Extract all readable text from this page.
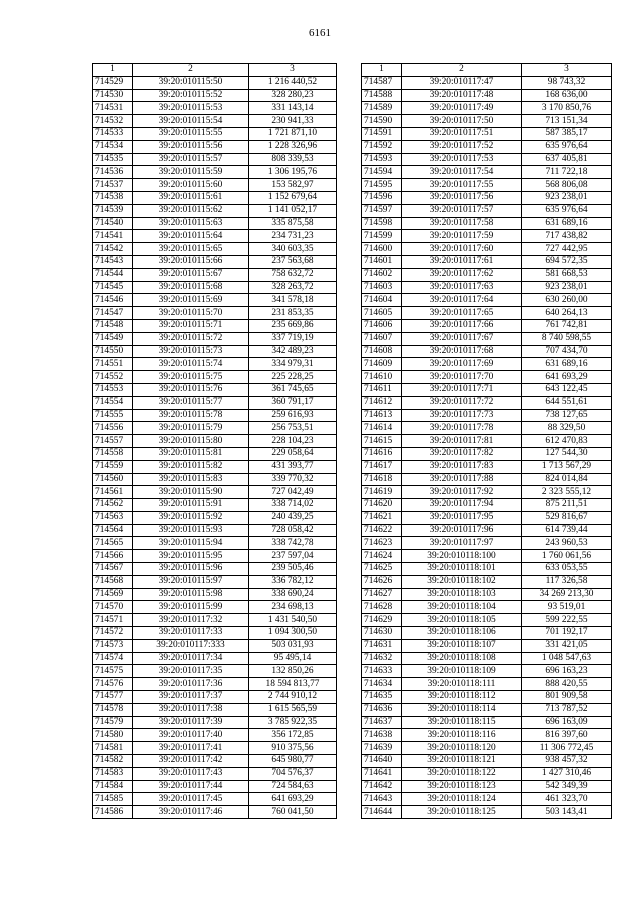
6161
1	2	3
714529	39:20:010115:50	1 216 440,52
714530	39:20:010115:52	328 280,23
714531	39:20:010115:53	331 143,14
714532	39:20:010115:54	230 941,33
714533	39:20:010115:55	1 721 871,10
714534	39:20:010115:56	1 228 326,96
714535	39:20:010115:57	808 339,53
714536	39:20:010115:59	1 306 195,76
714537	39:20:010115:60	153 582,97
714538	39:20:010115:61	1 152 679,64
714539	39:20:010115:62	1 141 052,17
714540	39:20:010115:63	335 875,58
714541	39:20:010115:64	234 731,23
714542	39:20:010115:65	340 603,35
714543	39:20:010115:66	237 563,68
714544	39:20:010115:67	758 632,72
714545	39:20:010115:68	328 263,72
714546	39:20:010115:69	341 578,18
714547	39:20:010115:70	231 853,35
714548	39:20:010115:71	235 669,86
714549	39:20:010115:72	337 719,19
714550	39:20:010115:73	342 489,23
714551	39:20:010115:74	334 979,31
714552	39:20:010115:75	225 228,25
714553	39:20:010115:76	361 745,65
714554	39:20:010115:77	360 791,17
714555	39:20:010115:78	259 616,93
714556	39:20:010115:79	256 753,51
714557	39:20:010115:80	228 104,23
714558	39:20:010115:81	229 058,64
714559	39:20:010115:82	431 393,77
714560	39:20:010115:83	339 770,32
714561	39:20:010115:90	727 042,49
714562	39:20:010115:91	338 714,02
714563	39:20:010115:92	240 439,25
714564	39:20:010115:93	728 058,42
714565	39:20:010115:94	338 742,78
714566	39:20:010115:95	237 597,04
714567	39:20:010115:96	239 505,46
714568	39:20:010115:97	336 782,12
714569	39:20:010115:98	338 690,24
714570	39:20:010115:99	234 698,13
714571	39:20:010117:32	1 431 540,50
714572	39:20:010117:33	1 094 300,50
714573	39:20:010117:333	503 031,93
714574	39:20:010117:34	95 495,14
714575	39:20:010117:35	132 850,26
714576	39:20:010117:36	18 594 813,77
714577	39:20:010117:37	2 744 910,12
714578	39:20:010117:38	1 615 565,59
714579	39:20:010117:39	3 785 922,35
714580	39:20:010117:40	356 172,85
714581	39:20:010117:41	910 375,56
714582	39:20:010117:42	645 980,77
714583	39:20:010117:43	704 576,37
714584	39:20:010117:44	724 584,63
714585	39:20:010117:45	641 693,29
714586	39:20:010117:46	760 041,50
1	2	3
714587	39:20:010117:47	98 743,32
714588	39:20:010117:48	168 636,00
714589	39:20:010117:49	3 170 850,76
714590	39:20:010117:50	713 151,34
714591	39:20:010117:51	587 385,17
714592	39:20:010117:52	635 976,64
714593	39:20:010117:53	637 405,81
714594	39:20:010117:54	711 722,18
714595	39:20:010117:55	568 806,08
714596	39:20:010117:56	923 238,01
714597	39:20:010117:57	635 976,64
714598	39:20:010117:58	631 689,16
714599	39:20:010117:59	717 438,82
714600	39:20:010117:60	727 442,95
714601	39:20:010117:61	694 572,35
714602	39:20:010117:62	581 668,53
714603	39:20:010117:63	923 238,01
714604	39:20:010117:64	630 260,00
714605	39:20:010117:65	640 264,13
714606	39:20:010117:66	761 742,81
714607	39:20:010117:67	8 740 598,55
714608	39:20:010117:68	707 434,70
714609	39:20:010117:69	631 689,16
714610	39:20:010117:70	641 693,29
714611	39:20:010117:71	643 122,45
714612	39:20:010117:72	644 551,61
714613	39:20:010117:73	738 127,65
714614	39:20:010117:78	88 329,50
714615	39:20:010117:81	612 470,83
714616	39:20:010117:82	127 544,30
714617	39:20:010117:83	1 713 567,29
714618	39:20:010117:88	824 014,84
714619	39:20:010117:92	2 323 555,12
714620	39:20:010117:94	875 211,51
714621	39:20:010117:95	529 816,67
714622	39:20:010117:96	614 739,44
714623	39:20:010117:97	243 960,53
714624	39:20:010118:100	1 760 061,56
714625	39:20:010118:101	633 053,55
714626	39:20:010118:102	117 326,58
714627	39:20:010118:103	34 269 213,30
714628	39:20:010118:104	93 519,01
714629	39:20:010118:105	599 222,55
714630	39:20:010118:106	701 192,17
714631	39:20:010118:107	331 421,05
714632	39:20:010118:108	1 048 547,63
714633	39:20:010118:109	696 163,23
714634	39:20:010118:111	888 420,55
714635	39:20:010118:112	801 909,58
714636	39:20:010118:114	713 787,52
714637	39:20:010118:115	696 163,09
714638	39:20:010118:116	816 397,60
714639	39:20:010118:120	11 306 772,45
714640	39:20:010118:121	938 457,32
714641	39:20:010118:122	1 427 310,46
714642	39:20:010118:123	542 349,39
714643	39:20:010118:124	461 323,70
714644	39:20:010118:125	503 143,41
